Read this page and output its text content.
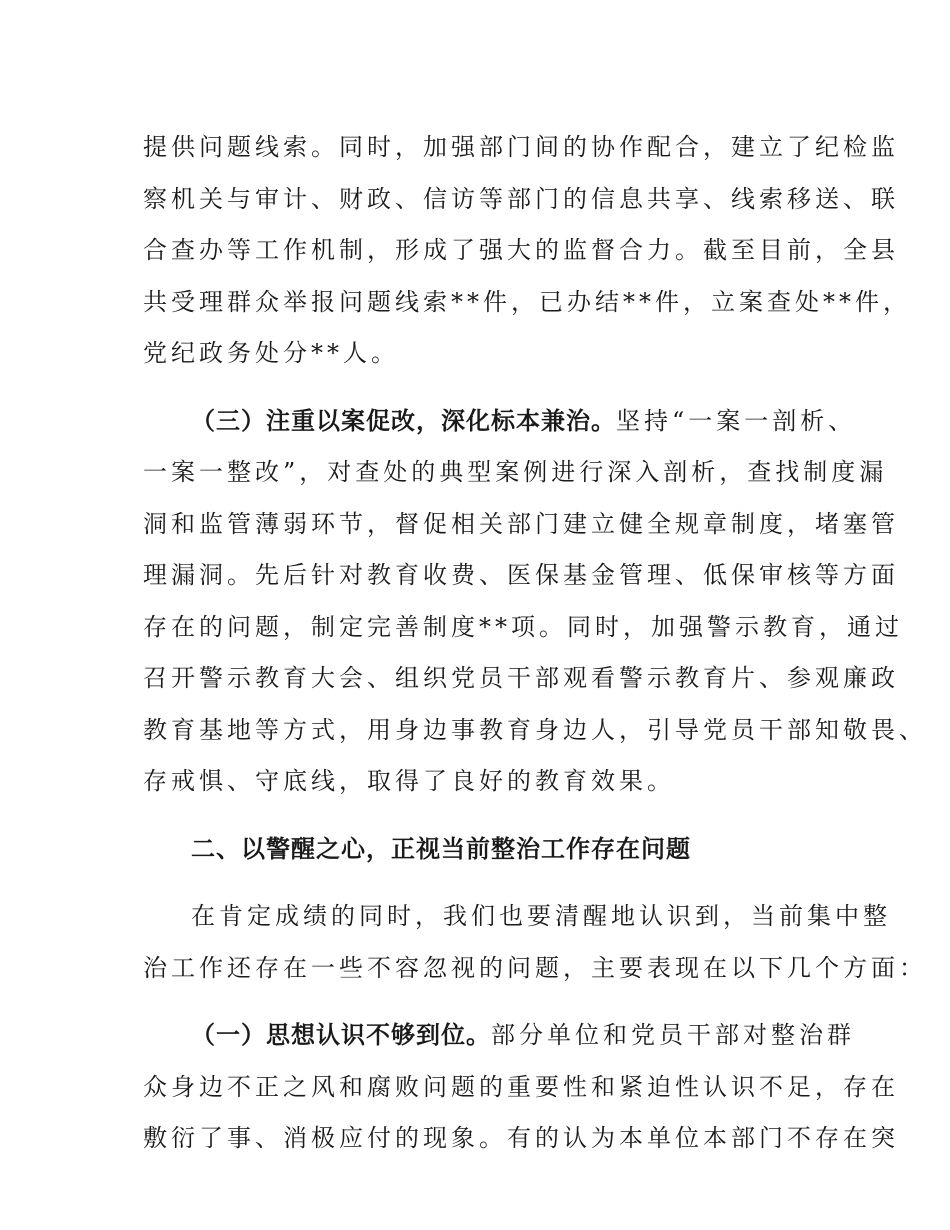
提供问题线索。同时，加强部门间的协作配合，建立了纪检监
察机关与审计、财政、信访等部门的信息共享、线索移送、联
合查办等工作机制，形成了强大的监督合力。截至目前，全县
共受理群众举报问题线索**件，已办结**件，立案查处**件，
党纪政务处分**人。
（三）注重以案促改，深化标本兼治。坚持“一案一剖析、
一案一整改”，对查处的典型案例进行深入剖析，查找制度漏
洞和监管薄弱环节，督促相关部门建立健全规章制度，堵塞管
理漏洞。先后针对教育收费、医保基金管理、低保审核等方面
存在的问题，制定完善制度**项。同时，加强警示教育，通过
召开警示教育大会、组织党员干部观看警示教育片、参观廉政
教育基地等方式，用身边事教育身边人，引导党员干部知敬畏、
存戒惧、守底线，取得了良好的教育效果。
二、以警醒之心，正视当前整治工作存在问题
在肯定成绩的同时，我们也要清醒地认识到，当前集中整
治工作还存在一些不容忽视的问题，主要表现在以下几个方面：
（一）思想认识不够到位。部分单位和党员干部对整治群
众身边不正之风和腐败问题的重要性和紧迫性认识不足，存在
敷衍了事、消极应付的现象。有的认为本单位本部门不存在突
